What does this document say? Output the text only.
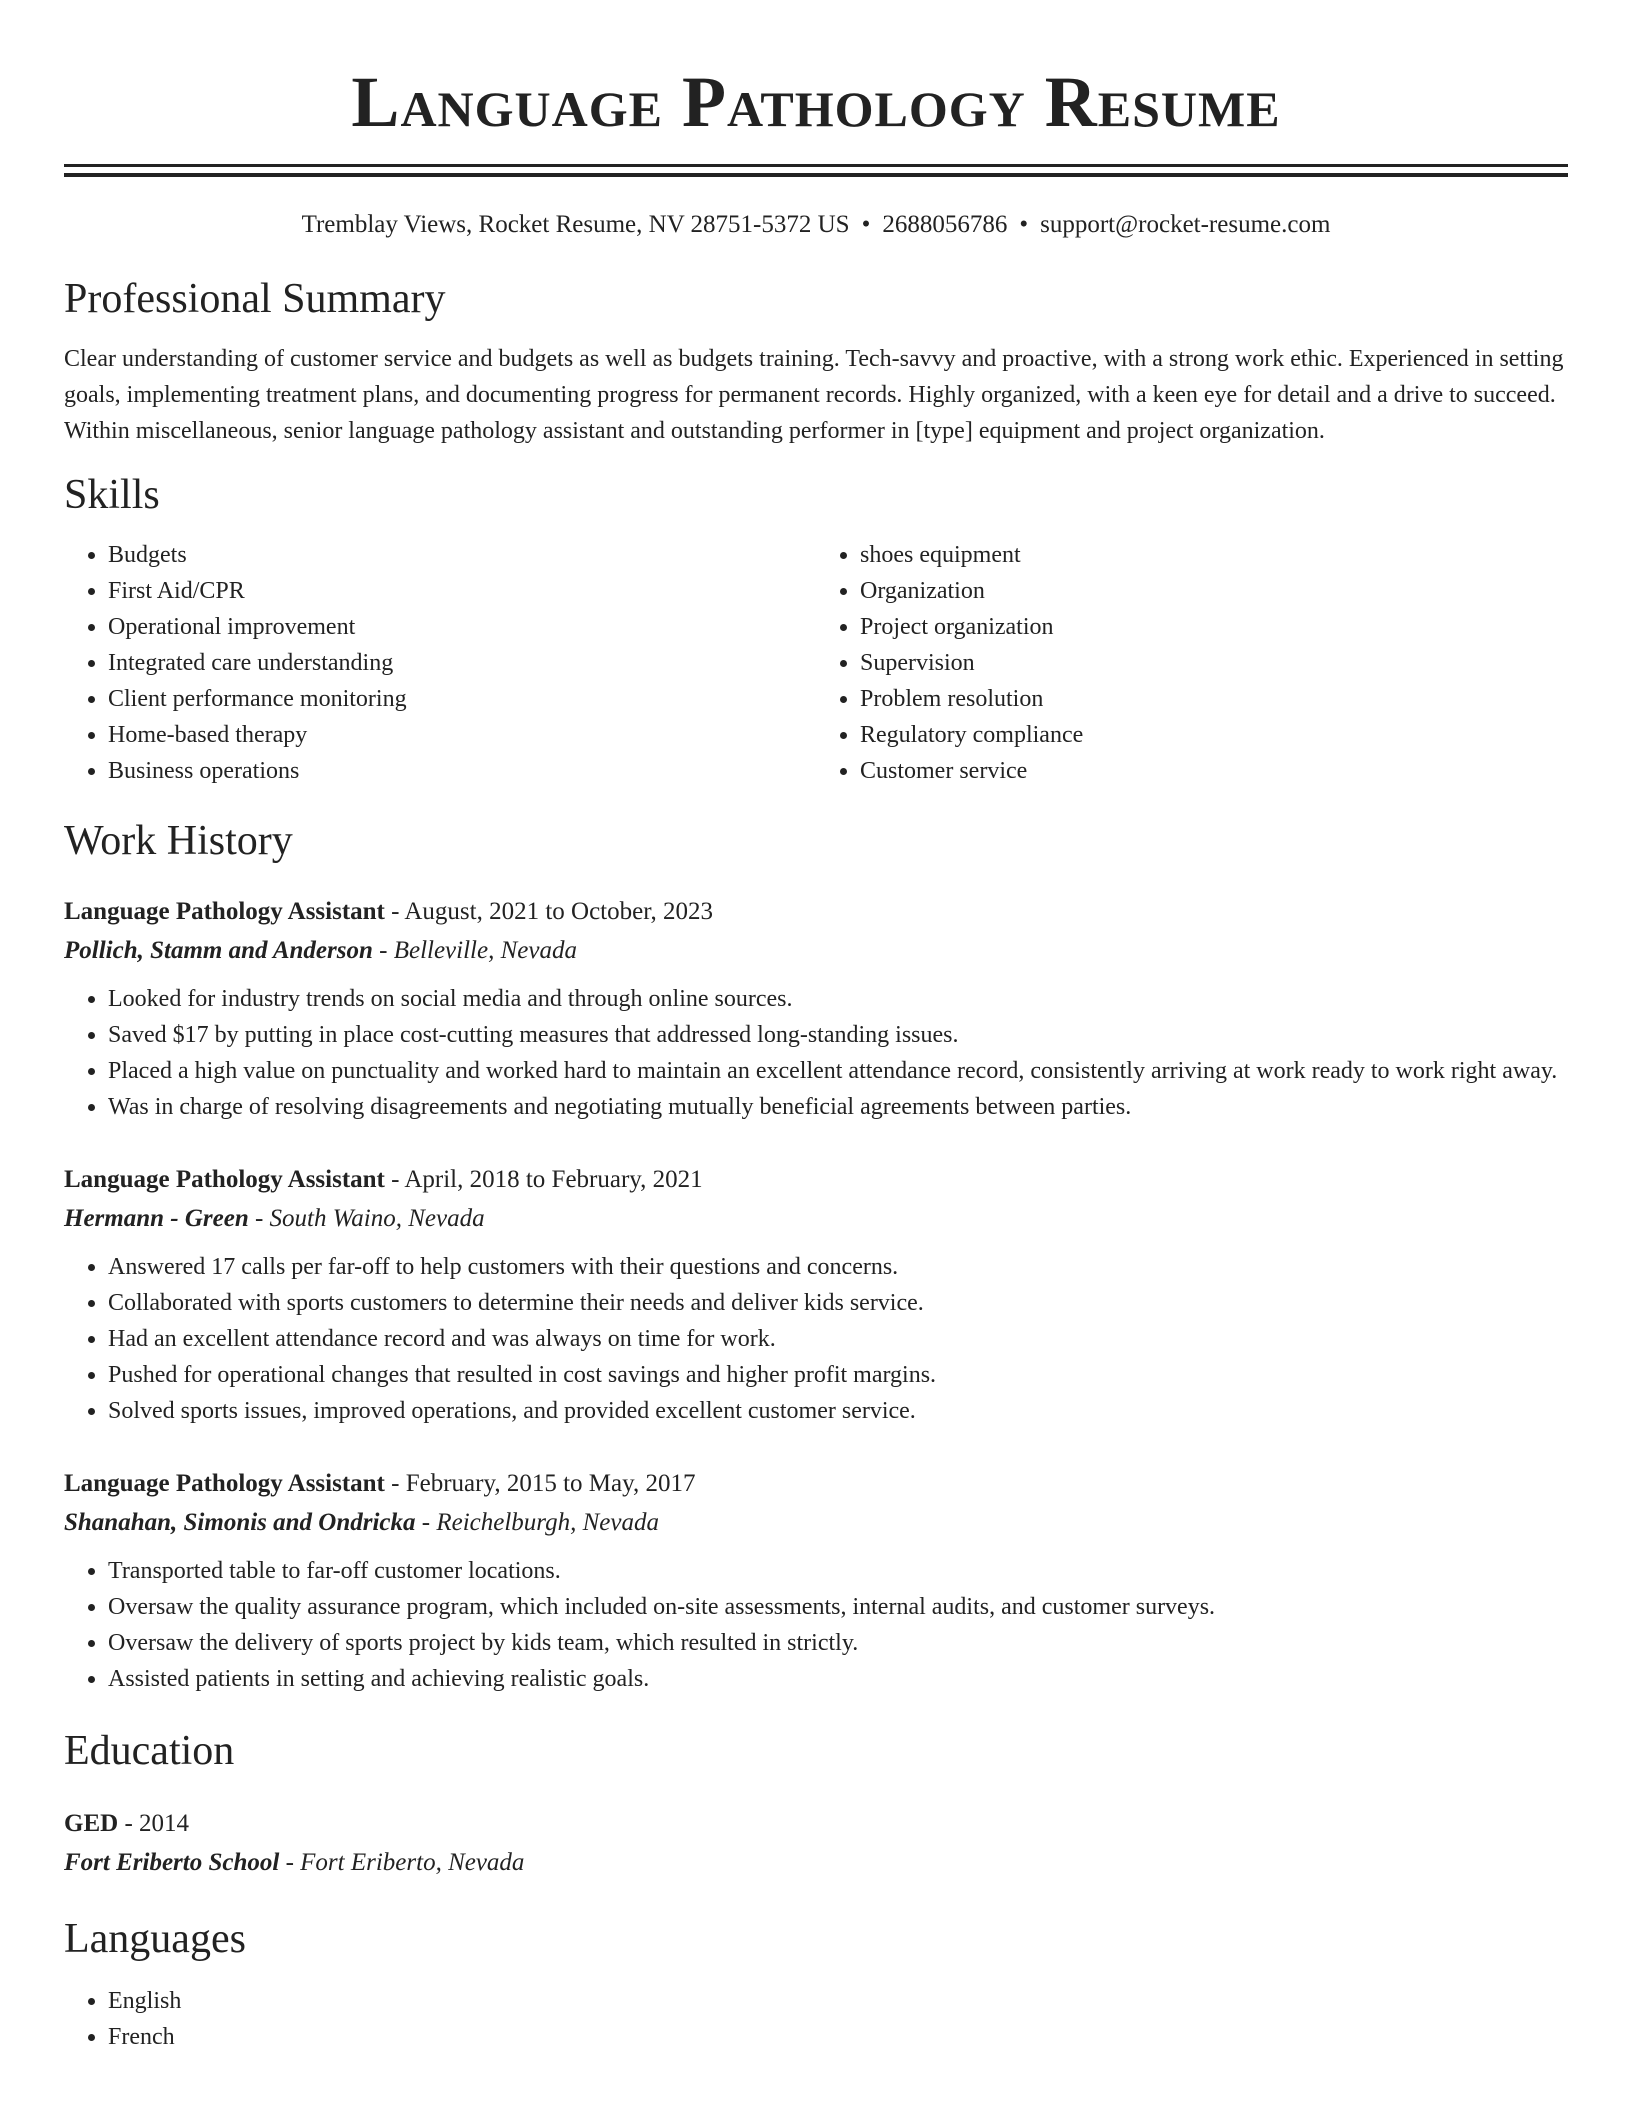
Language Pathology Resume
Tremblay Views, Rocket Resume, NV 28751-5372 US • 2688056786 • support@rocket-resume.com
Professional Summary

Clear understanding of customer service and budgets as well as budgets training. Tech-savvy and proactive, with a strong work ethic. Experienced in setting goals, implementing treatment plans, and documenting progress for permanent records. Highly organized, with a keen eye for detail and a drive to succeed. Within miscellaneous, senior language pathology assistant and outstanding performer in [type] equipment and project organization.

Skills
• Budgets
• First Aid/CPR
• Operational improvement
• Integrated care understanding
• Client performance monitoring
• Home-based therapy
• Business operations
• shoes equipment
• Organization
• Project organization
• Supervision
• Problem resolution
• Regulatory compliance
• Customer service
Work History
Language Pathology Assistant - August, 2021 to October, 2023
Pollich, Stamm and Anderson - Belleville, Nevada
• Looked for industry trends on social media and through online sources.
• Saved $17 by putting in place cost-cutting measures that addressed long-standing issues.
• Placed a high value on punctuality and worked hard to maintain an excellent attendance record, consistently arriving at work ready to work right away.
• Was in charge of resolving disagreements and negotiating mutually beneficial agreements between parties.
Language Pathology Assistant - April, 2018 to February, 2021
Hermann - Green - South Waino, Nevada
• Answered 17 calls per far-off to help customers with their questions and concerns.
• Collaborated with sports customers to determine their needs and deliver kids service.
• Had an excellent attendance record and was always on time for work.
• Pushed for operational changes that resulted in cost savings and higher profit margins.
• Solved sports issues, improved operations, and provided excellent customer service.
Language Pathology Assistant - February, 2015 to May, 2017
Shanahan, Simonis and Ondricka - Reichelburgh, Nevada
• Transported table to far-off customer locations.
• Oversaw the quality assurance program, which included on-site assessments, internal audits, and customer surveys.
• Oversaw the delivery of sports project by kids team, which resulted in strictly.
• Assisted patients in setting and achieving realistic goals.
Education
GED - 2014
Fort Eriberto School - Fort Eriberto, Nevada
Languages
• English
• French
